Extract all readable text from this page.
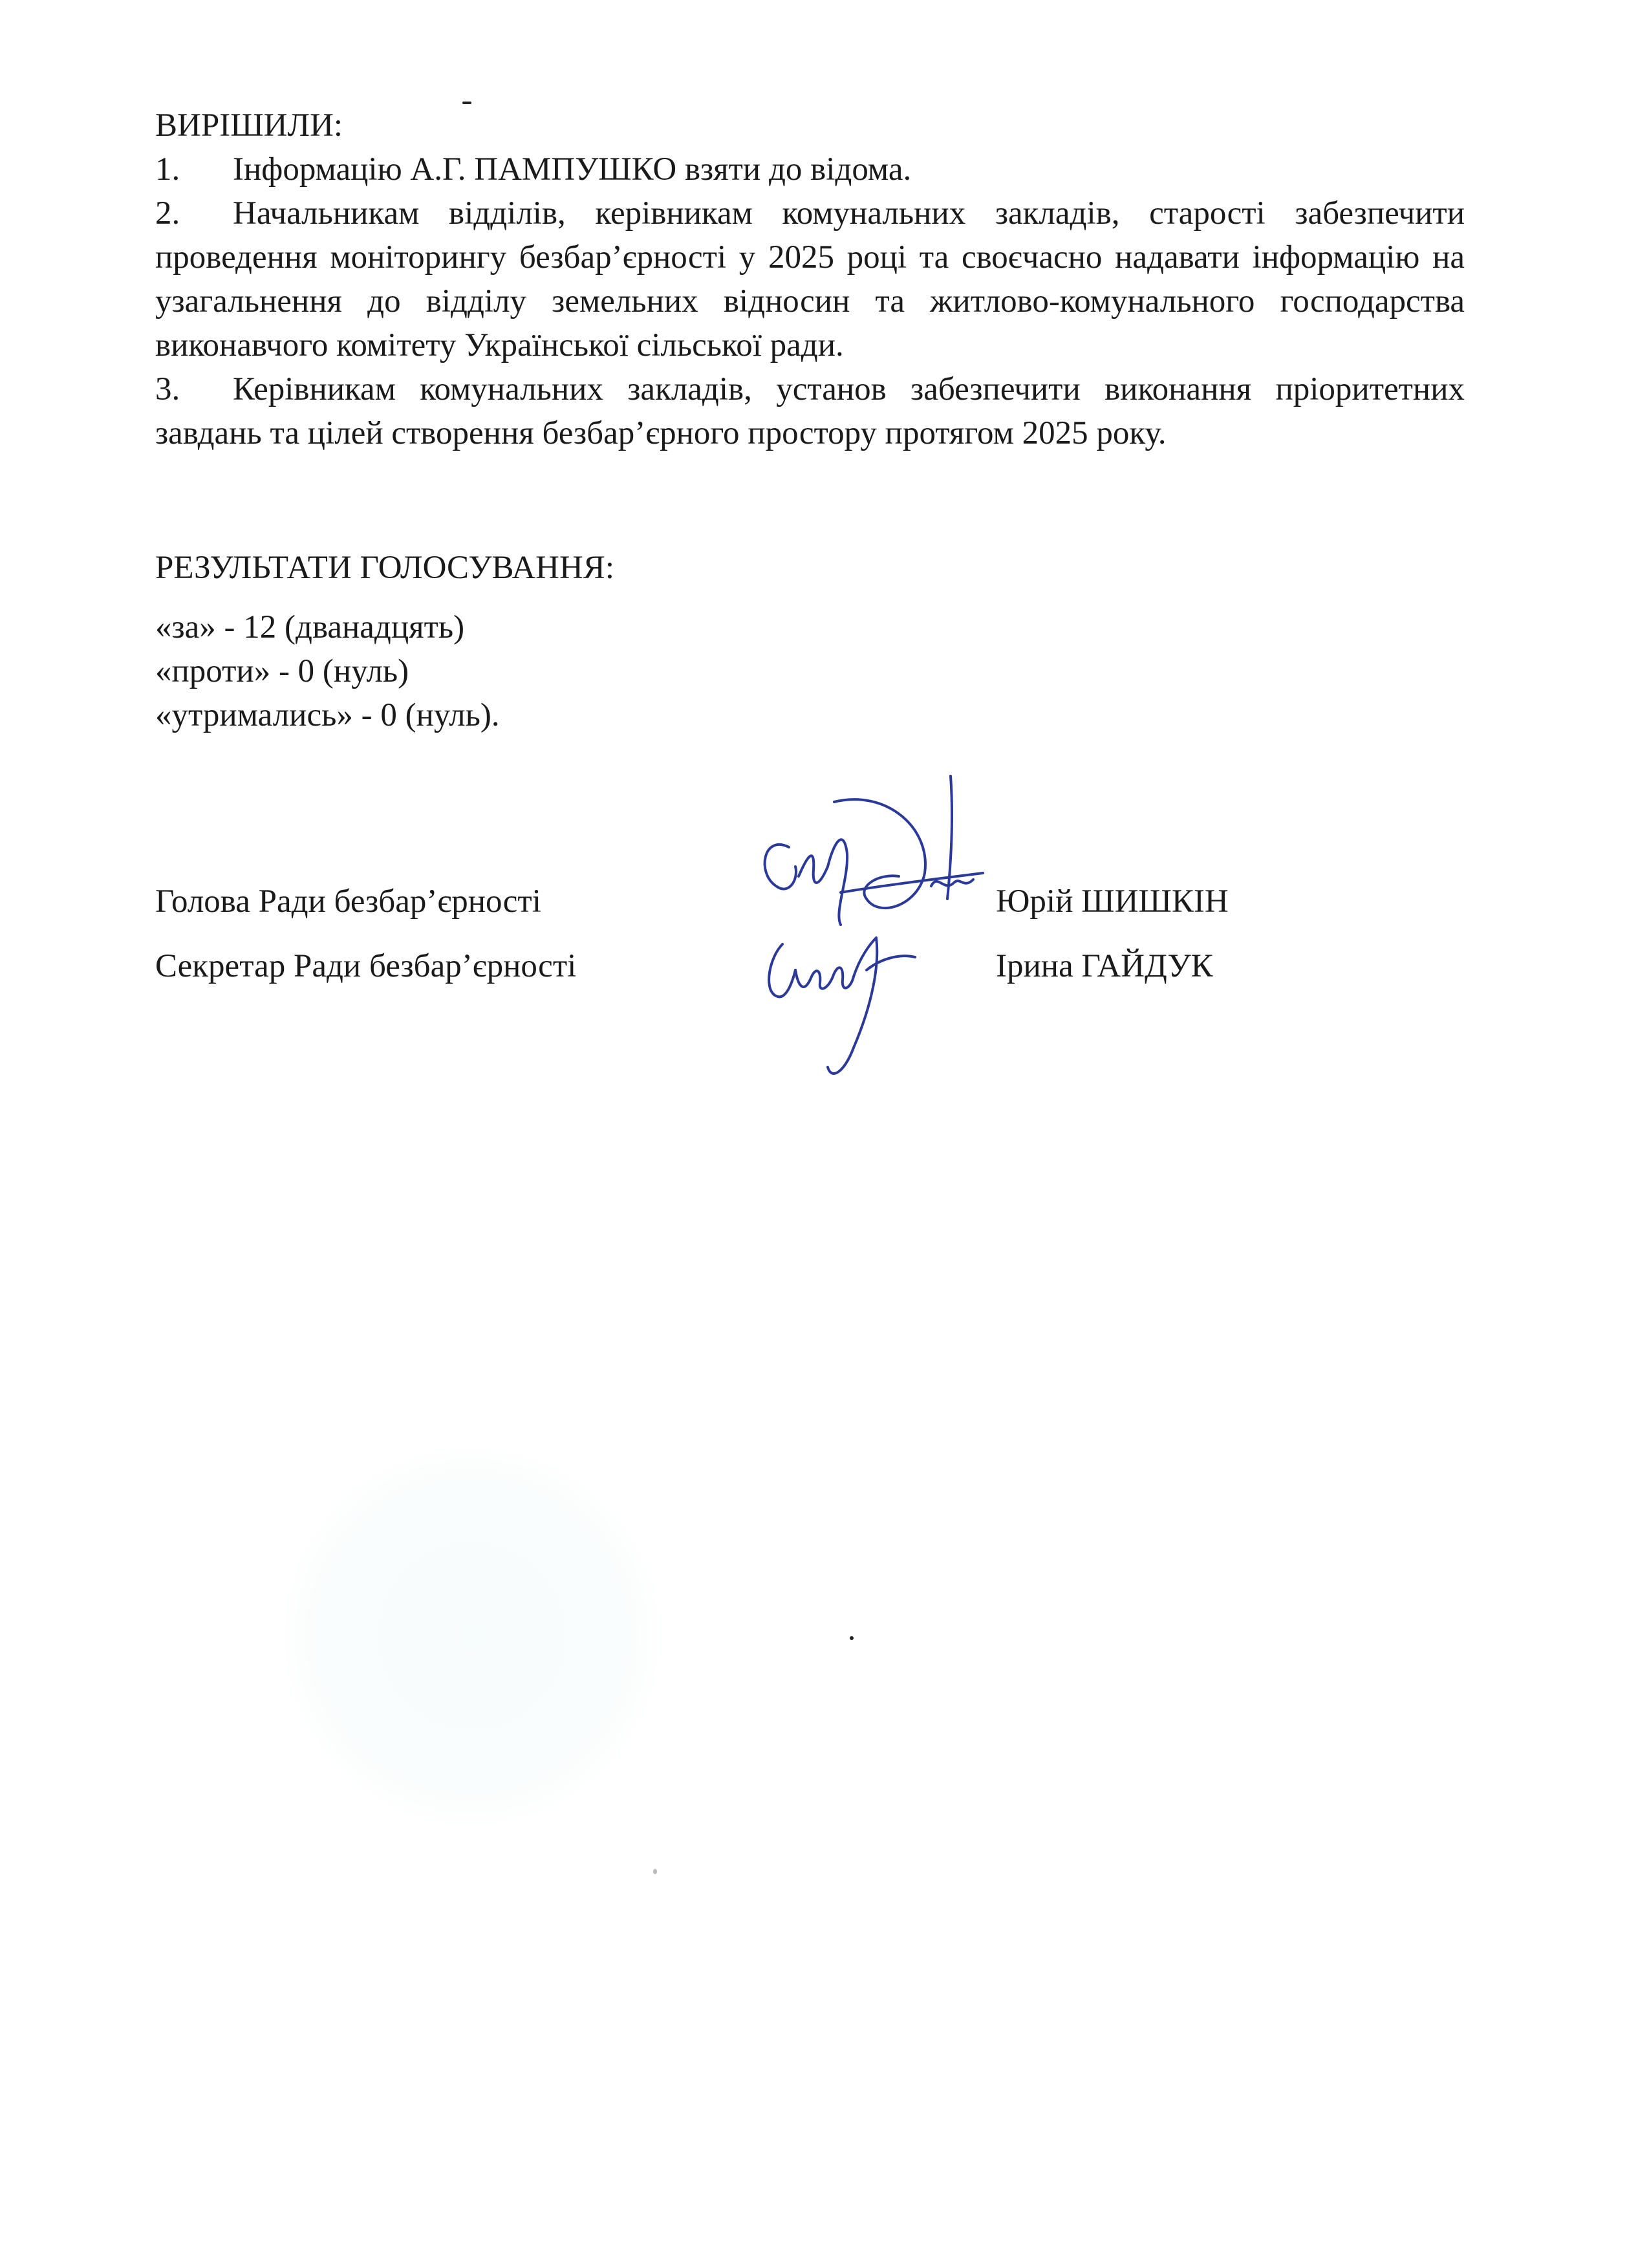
ВИРІШИЛИ:

1. Інформацію А.Г. ПАМПУШКО взяти до відома.
2. Начальникам відділів, керівникам комунальних закладів, старості забезпечити проведення моніторингу безбар’єрності у 2025 році та своєчасно надавати інформацію на узагальнення до відділу земельних відносин та житлово-комунального господарства виконавчого комітету Української сільської ради.
3. Керівникам комунальних закладів, установ забезпечити виконання пріоритетних завдань та цілей створення безбар’єрного простору протягом 2025 року.

РЕЗУЛЬТАТИ ГОЛОСУВАННЯ:

«за» - 12 (дванадцять)

«проти» - 0 (нуль)

«утримались» - 0 (нуль).

Голова Ради безбар’єрності	Юрій ШИШКІН
Секретар Ради безбар’єрності	Ірина ГАЙДУК
